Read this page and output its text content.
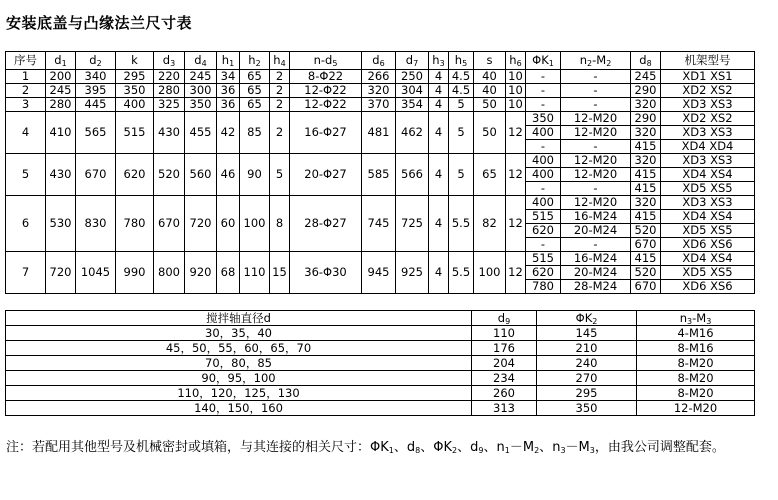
安装底盖与凸缘法兰尺寸表
序号	$d_1$	$d_2$	k	$d_3$	$d_4$	$h_1$	$h_2$	$h_4$	$n-d_5$	$d_6$	$d_7$	$h_3$	$h_5$	s	$h_6$	$\Phi K_1$	$n_2-M_2$	$d_8$	机架型号
1	200	340	295	220	245	34	65	2	8-Φ22	266	250	4	4.5	40	10	-	-	245	XD1 XS1
2	245	395	350	280	300	36	65	2	12-Φ22	320	304	4	4.5	40	10	-	-	290	XD2 XS2
3	280	445	400	325	350	36	65	2	12-Φ22	370	354	4	5	50	10	-	-	320	XD3 XS3
4	410	565	515	430	455	42	85	2	16-Φ27	481	462	4	5	50	12	350	12-M20	290	XD2 XS2
																400	12-M20	320	XD3 XS3
																-	-	415	XD4 XD4
5	430	670	620	520	560	46	90	5	20-Φ27	585	566	4	5	65	12	400	12-M20	320	XD3 XS3
																400	12-M20	415	XD4 XS4
																-	-	415	XD5 XS5
6	530	830	780	670	720	60	100	8	28-Φ27	745	725	4	5.5	82	12	400	12-M20	320	XD3 XS3
																515	16-M24	415	XD4 XS4
																620	20-M24	520	XD5 XS5
																-	-	670	XD6 XS6
7	720	1045	990	800	920	68	110	15	36-Φ30	945	925	4	5.5	100	12	515	16-M24	415	XD4 XS4
																620	20-M24	520	XD5 XS5
																780	28-M24	670	XD6 XS6
搅拌轴直径d	$d_9$	$\Phi K_2$	$n_3-M_3$
30，35，40	110	145	4-M16
45，50，55，60，65，70	176	210	8-M16
70，80，85	204	240	8-M20
90，95，100	234	270	8-M20
110，120，125，130	260	295	8-M20
140，150，160	313	350	12-M20
注：若配用其他型号及机械密封或填箱，与其连接的相关尺寸：$\Phi K_1$、$d_8$、$\Phi K_2$、$d_9$、$n_1-M_2$、$n_3-M_3$，由我公司调整配套。
